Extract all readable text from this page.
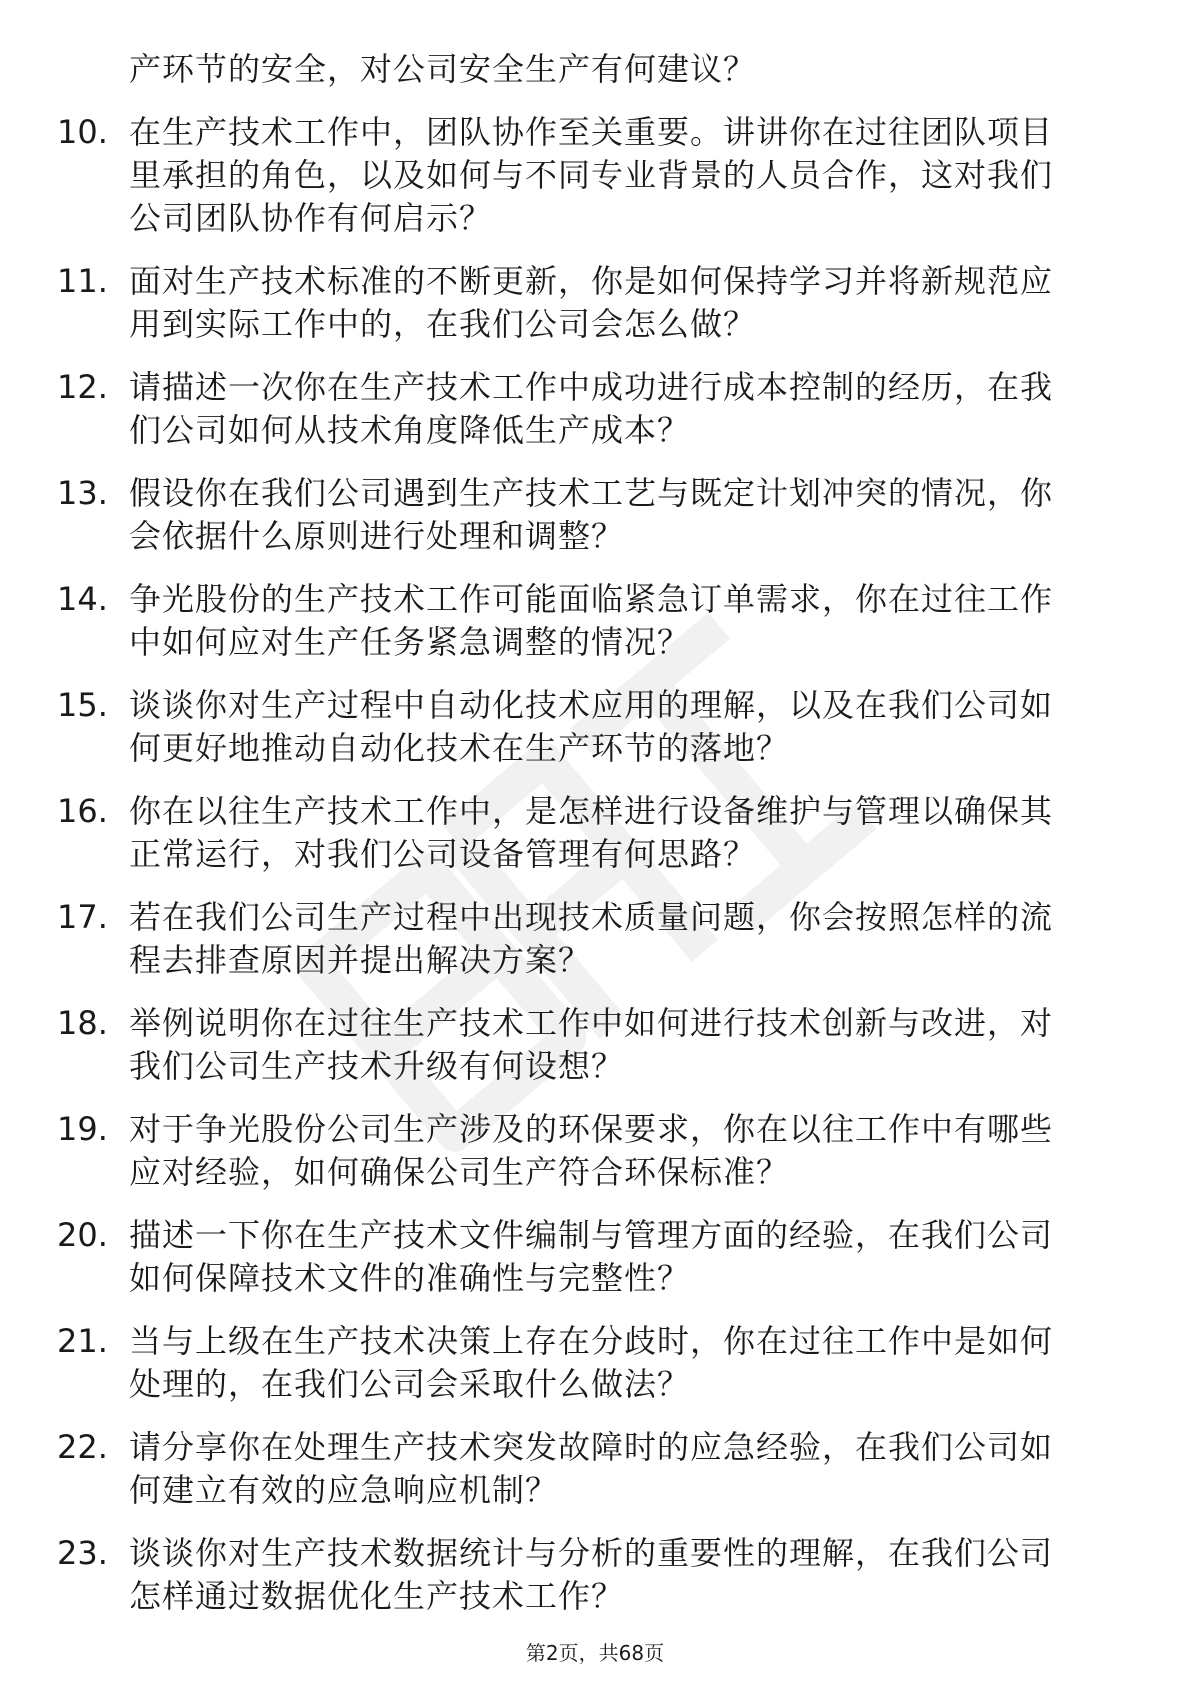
产环节的安全，对公司安全生产有何建议？
10. 在生产技术工作中，团队协作至关重要。讲讲你在过往团队项目
里承担的角色，以及如何与不同专业背景的人员合作，这对我们
公司团队协作有何启示？
11. 面对生产技术标准的不断更新，你是如何保持学习并将新规范应
用到实际工作中的，在我们公司会怎么做？
12. 请描述一次你在生产技术工作中成功进行成本控制的经历，在我
们公司如何从技术角度降低生产成本？
13. 假设你在我们公司遇到生产技术工艺与既定计划冲突的情况，你
会依据什么原则进行处理和调整？
14. 争光股份的生产技术工作可能面临紧急订单需求，你在过往工作
中如何应对生产任务紧急调整的情况？
15. 谈谈你对生产过程中自动化技术应用的理解，以及在我们公司如
何更好地推动自动化技术在生产环节的落地？
16. 你在以往生产技术工作中，是怎样进行设备维护与管理以确保其
正常运行，对我们公司设备管理有何思路？
17. 若在我们公司生产过程中出现技术质量问题，你会按照怎样的流
程去排查原因并提出解决方案？
18. 举例说明你在过往生产技术工作中如何进行技术创新与改进，对
我们公司生产技术升级有何设想？
19. 对于争光股份公司生产涉及的环保要求，你在以往工作中有哪些
应对经验，如何确保公司生产符合环保标准？
20. 描述一下你在生产技术文件编制与管理方面的经验，在我们公司
如何保障技术文件的准确性与完整性？
21. 当与上级在生产技术决策上存在分歧时，你在过往工作中是如何
处理的，在我们公司会采取什么做法？
22. 请分享你在处理生产技术突发故障时的应急经验，在我们公司如
何建立有效的应急响应机制？
23. 谈谈你对生产技术数据统计与分析的重要性的理解，在我们公司
怎样通过数据优化生产技术工作？
第2页，共68页
